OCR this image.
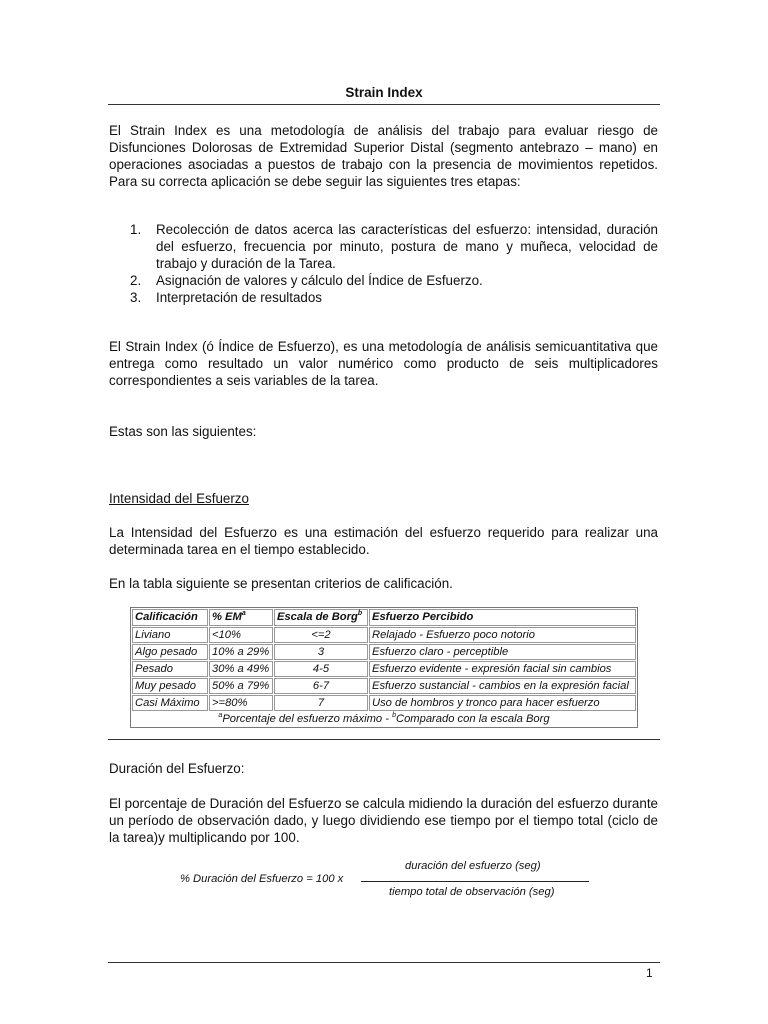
Strain Index
El Strain Index es una metodología de análisis del trabajo para evaluar riesgo de Disfunciones Dolorosas de Extremidad Superior Distal (segmento antebrazo – mano) en operaciones asociadas a puestos de trabajo con la presencia de movimientos repetidos. Para su correcta aplicación se debe seguir las siguientes tres etapas:
1. Recolección de datos acerca las características del esfuerzo: intensidad, duración del esfuerzo, frecuencia por minuto, postura de mano y muñeca, velocidad de trabajo y duración de la Tarea.
2. Asignación de valores y cálculo del Índice de Esfuerzo.
3. Interpretación de resultados
El Strain Index (ó Índice de Esfuerzo), es una metodología de análisis semicuantitativa que entrega como resultado un valor numérico como producto de seis multiplicadores correspondientes a seis variables de la tarea.
Estas son las siguientes:
Intensidad del Esfuerzo
La Intensidad del Esfuerzo es una estimación del esfuerzo requerido para realizar una determinada tarea en el tiempo establecido.
En la tabla siguiente se presentan criterios de calificación.
Calificación	% $EM^a$	Escala de Borg$^b$	Esfuerzo Percibido
Liviano	<10%	<=2	Relajado - Esfuerzo poco notorio
Algo pesado	10% a 29%	3	Esfuerzo claro - perceptible
Pesado	30% a 49%	4-5	Esfuerzo evidente - expresión facial sin cambios
Muy pesado	50% a 79%	6-7	Esfuerzo sustancial - cambios en la expresión facial
Casi Máximo	>=80%	7	Uso de hombros y tronco para hacer esfuerzo
$^a$Porcentaje del esfuerzo máximo - $^b$Comparado con la escala Borg			
Duración del Esfuerzo:
El porcentaje de Duración del Esfuerzo se calcula midiendo la duración del esfuerzo durante un período de observación dado, y luego dividiendo ese tiempo por el tiempo total (ciclo de la tarea)y multiplicando por 100.
duración del esfuerzo (seg)
% Duración del Esfuerzo = 100 x
tiempo total de observación (seg)
1
